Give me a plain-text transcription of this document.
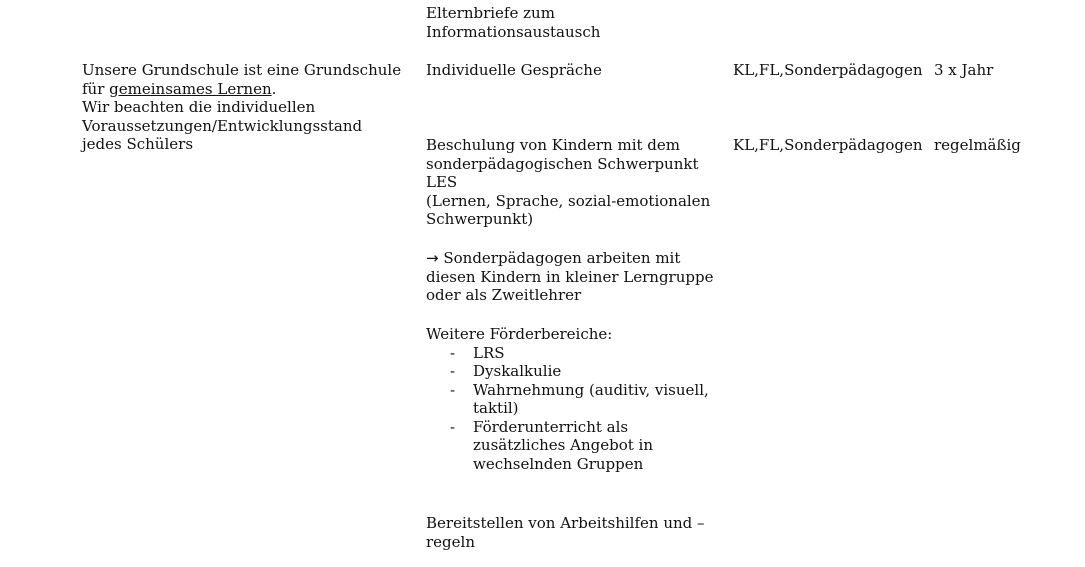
Elternbriefe zum

Informationsaustausch

Unsere Grundschule ist eine Grundschule

für gemeinsames Lernen.

Wir beachten die individuellen

Voraussetzungen/Entwicklungsstand

jedes Schülers

Individuelle Gespräche	KL,FL,Sonderpädagogen 3 x Jahr

Beschulung von Kindern mit dem

sonderpädagogischen Schwerpunkt

LES

(Lernen, Sprache, sozial-emotionalen

Schwerpunkt)

KL,FL,Sonderpädagogen regelmäßig

→ Sonderpädagogen arbeiten mit

diesen Kindern in kleiner Lerngruppe

oder als Zweitlehrer

Weitere Förderbereiche:

- LRS
- Dyskalkulie
- Wahrnehmung (auditiv, visuell,
taktil)
- Förderunterricht als
zusätzliches Angebot in
wechselnden Gruppen

Bereitstellen von Arbeitshilfen und –

regeln
